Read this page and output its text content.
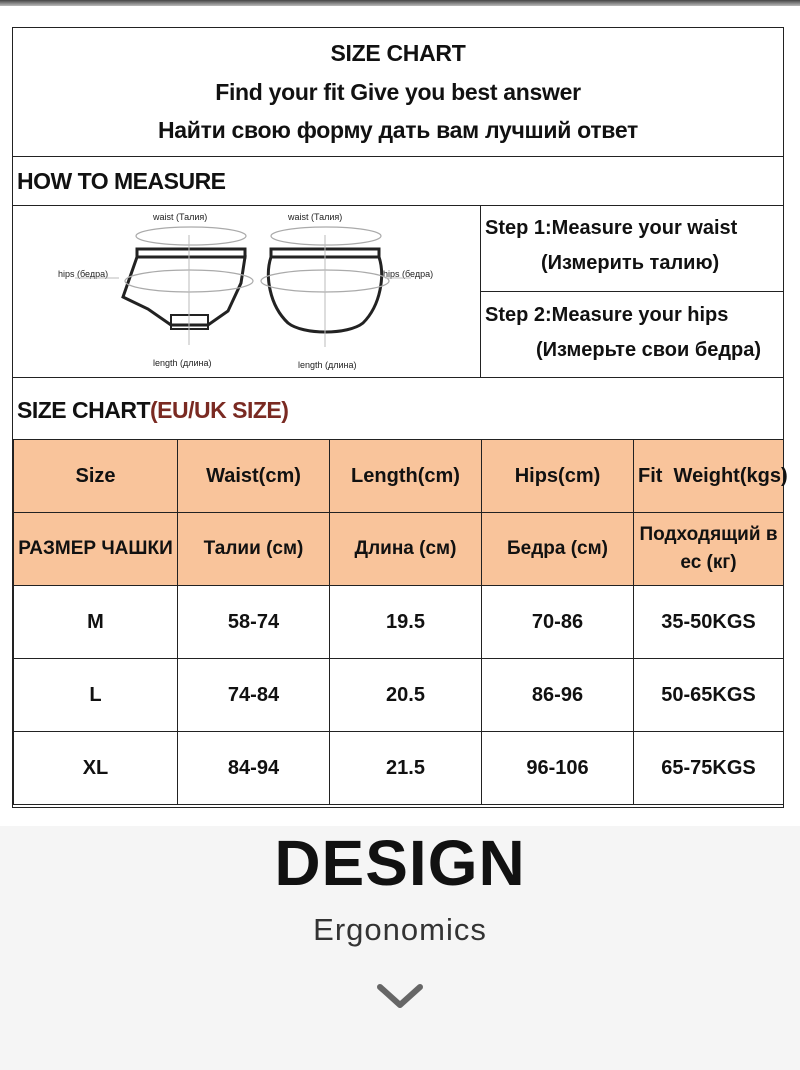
SIZE CHART
Find your fit Give you best answer
Найти свою форму дать вам лучший ответ
HOW TO MEASURE
waist (Талия)	waist (Талия)
hips (бедра)	hips (бедра)
length (длина)	length (длина)
Step 1:Measure your waist
(Измерить талию)
Step 2:Measure your hips
(Измерьте свои бедра)
SIZE CHART(EU/UK SIZE)
Size	Waist(cm)	Length(cm)	Hips(cm)	Fit  Weight(kgs)
РАЗМЕР ЧАШКИ	Талии (см)	Длина (см)	Бедра (см)	Подходящий в ес (кг)
M	58-74	19.5	70-86	35-50KGS
L	74-84	20.5	86-96	50-65KGS
XL	84-94	21.5	96-106	65-75KGS
DESIGN
Ergonomics
